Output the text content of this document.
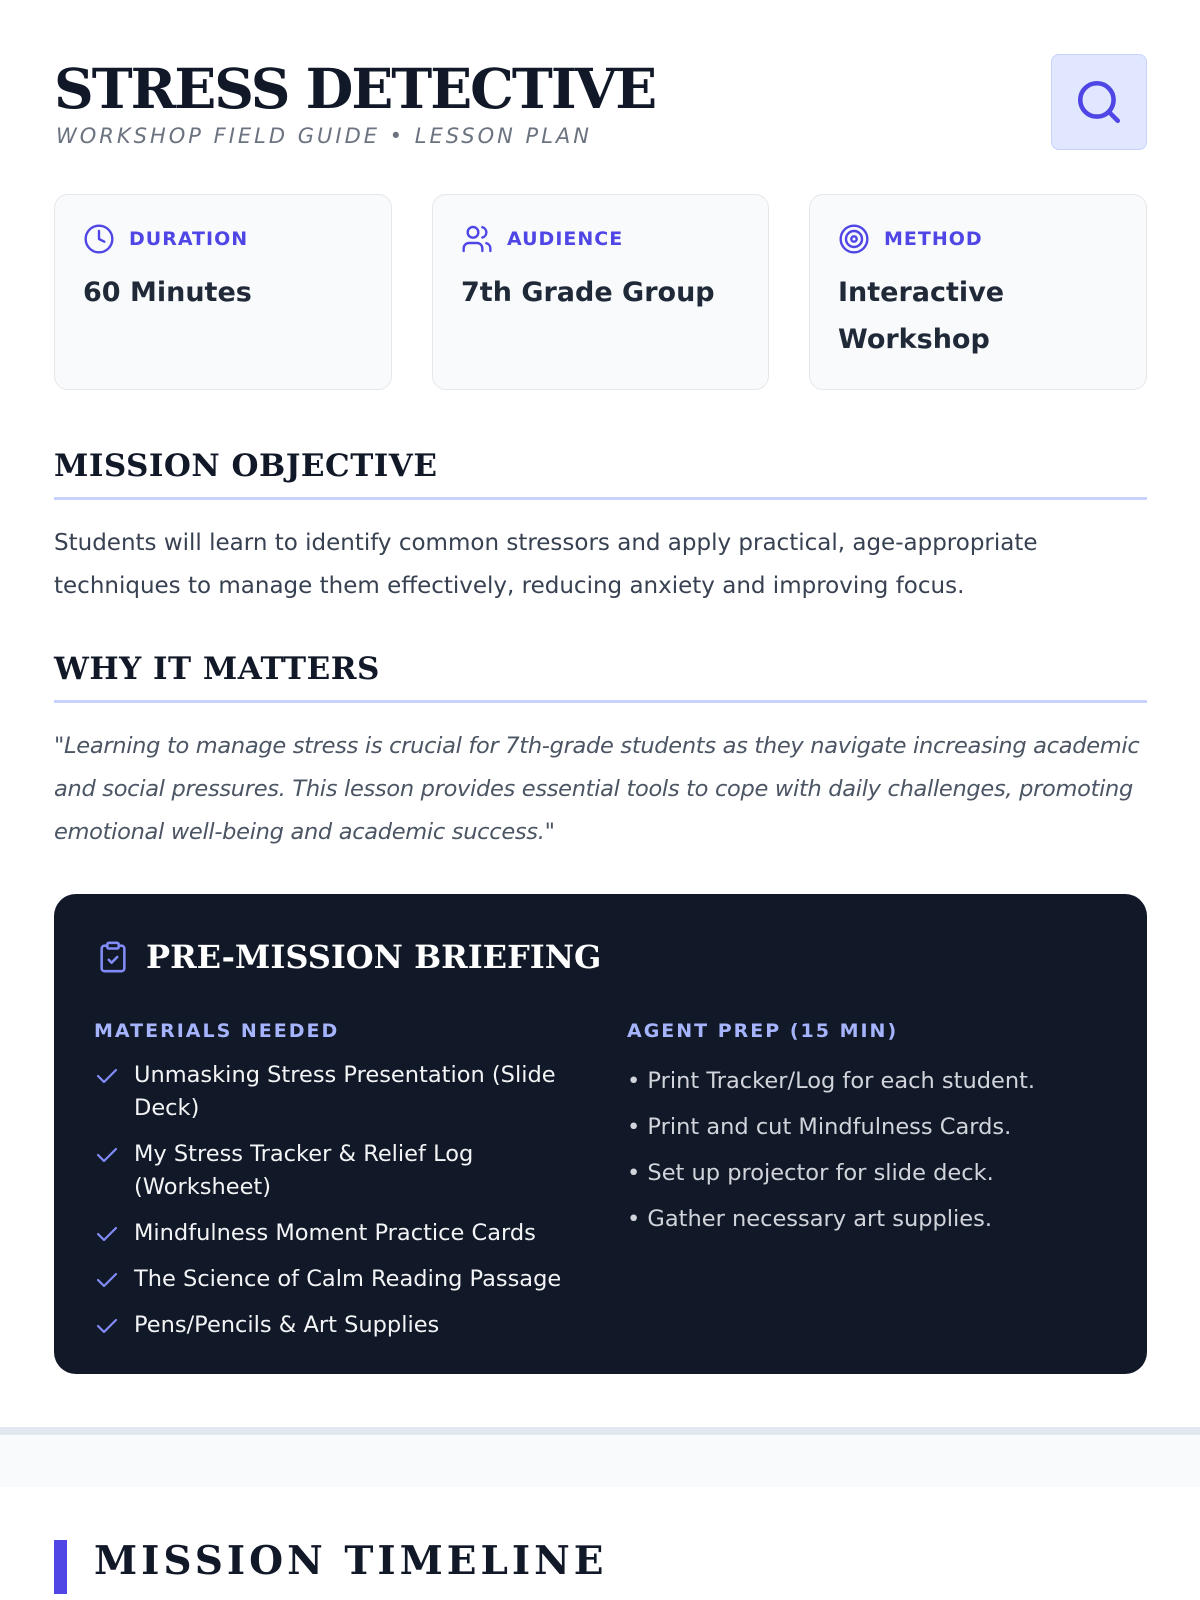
STRESS DETECTIVE
WORKSHOP FIELD GUIDE • LESSON PLAN
DURATION
60 Minutes
AUDIENCE
7th Grade Group
METHOD
Interactive Workshop
MISSION OBJECTIVE
Students will learn to identify common stressors and apply practical, age-appropriate techniques to manage them effectively, reducing anxiety and improving focus.
WHY IT MATTERS
"Learning to manage stress is crucial for 7th-grade students as they navigate increasing academic and social pressures. This lesson provides essential tools to cope with daily challenges, promoting emotional well-being and academic success."
PRE-MISSION BRIEFING
MATERIALS NEEDED
Unmasking Stress Presentation (Slide Deck)
My Stress Tracker & Relief Log (Worksheet)
Mindfulness Moment Practice Cards
The Science of Calm Reading Passage
Pens/Pencils & Art Supplies
AGENT PREP (15 MIN)
• Print Tracker/Log for each student.
• Print and cut Mindfulness Cards.
• Set up projector for slide deck.
• Gather necessary art supplies.
MISSION TIMELINE
